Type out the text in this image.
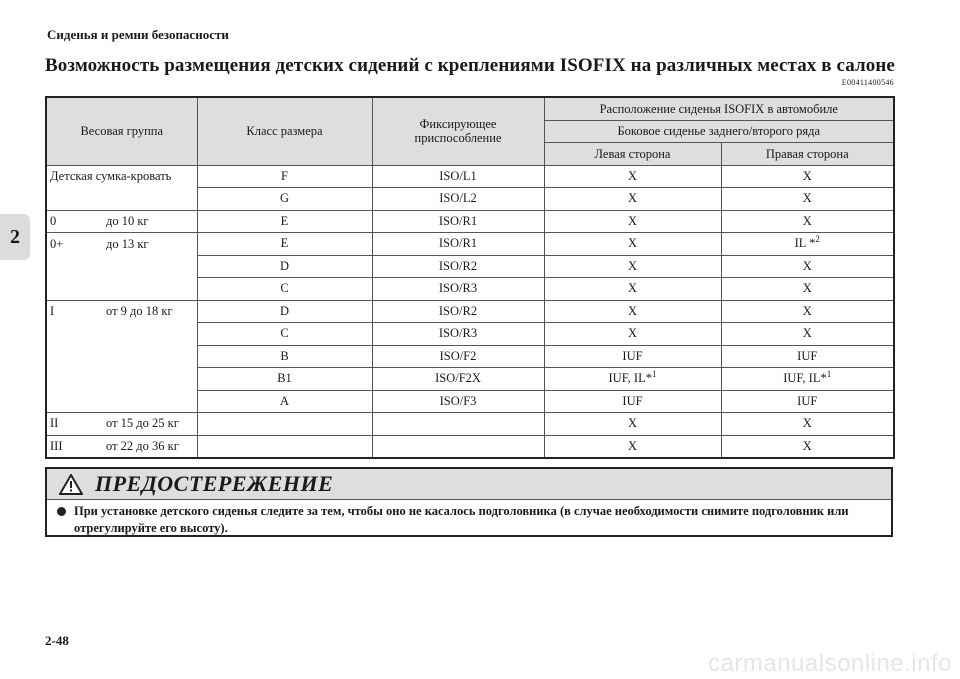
Сиденья и ремни безопасности
Возможность размещения детских сидений с креплениями ISOFIX на различных местах в салоне
E00411400546
2
Весовая группа	Класс размера	Фиксирующее приспособление	Расположение сиденья ISOFIX в автомобиле	
			Боковое сиденье заднего/второго ряда	
			Левая сторона	Правая сторона
Детская сумка-кровать	F	ISO/L1	X	X
	G	ISO/L2	X	X
0 до 10 кг	E	ISO/R1	X	X
0+ до 13 кг	E	ISO/R1	X	IL *$^2$
	D	ISO/R2	X	X
	C	ISO/R3	X	X
I от 9 до 18 кг	D	ISO/R2	X	X
	C	ISO/R3	X	X
	B	ISO/F2	IUF	IUF
	B1	ISO/F2X	IUF, IL*$^1$	IUF, IL*$^1$
	A	ISO/F3	IUF	IUF
II от 15 до 25 кг			X	X
III от 22 до 36 кг			X	X
ПРЕДОСТЕРЕЖЕНИЕ
При установке детского сиденья следите за тем, чтобы оно не касалось подголовника (в случае необходимости снимите подголовник или отрегулируйте его высоту).
2-48
carmanualsonline.info
